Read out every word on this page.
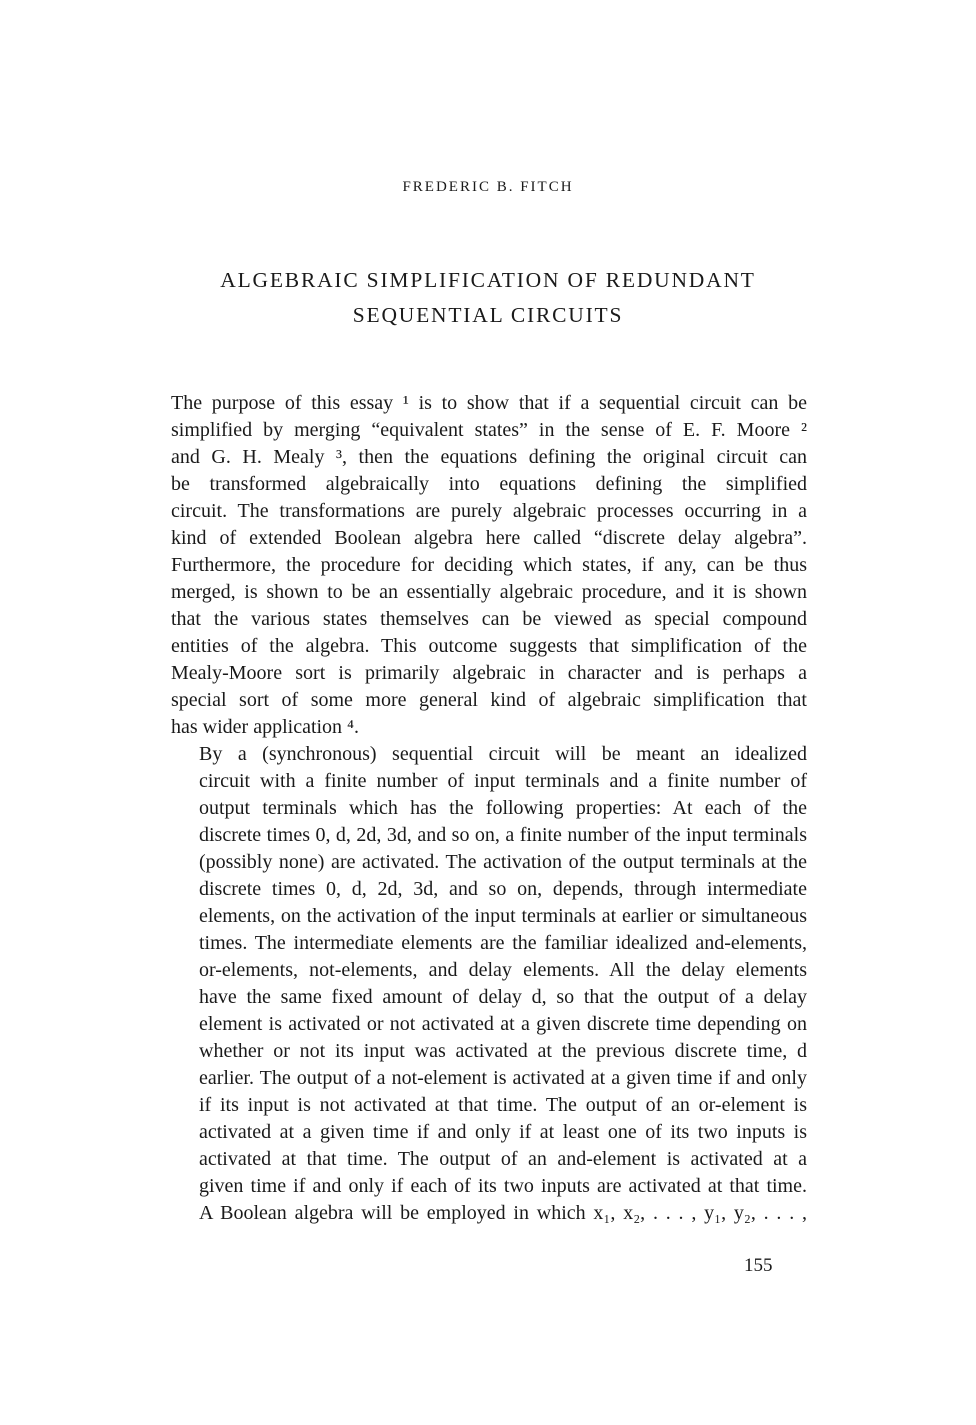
FREDERIC B. FITCH
ALGEBRAIC SIMPLIFICATION OF REDUNDANT
SEQUENTIAL CIRCUITS

The purpose of this essay ¹ is to show that if a sequential circuit can be
simplified by merging “equivalent states” in the sense of E. F. Moore ²
and G. H. Mealy ³, then the equations defining the original circuit can
be transformed algebraically into equations defining the simplified
circuit. The transformations are purely algebraic processes occurring in a
kind of extended Boolean algebra here called “discrete delay algebra”.
Furthermore, the procedure for deciding which states, if any, can be thus
merged, is shown to be an essentially algebraic procedure, and it is shown
that the various states themselves can be viewed as special compound
entities of the algebra. This outcome suggests that simplification of the
Mealy-Moore sort is primarily algebraic in character and is perhaps a
special sort of some more general kind of algebraic simplification that
has wider application ⁴.

By a (synchronous) sequential circuit will be meant an idealized
circuit with a finite number of input terminals and a finite number of
output terminals which has the following properties: At each of the
discrete times 0, d, 2d, 3d, and so on, a finite number of the input terminals
(possibly none) are activated. The activation of the output terminals at the
discrete times 0, d, 2d, 3d, and so on, depends, through intermediate
elements, on the activation of the input terminals at earlier or simultaneous
times. The intermediate elements are the familiar idealized and-elements,
or-elements, not-elements, and delay elements. All the delay elements
have the same fixed amount of delay d, so that the output of a delay
element is activated or not activated at a given discrete time depending on
whether or not its input was activated at the previous discrete time, d
earlier. The output of a not-element is activated at a given time if and only
if its input is not activated at that time. The output of an or-element is
activated at a given time if and only if at least one of its two inputs is
activated at that time. The output of an and-element is activated at a
given time if and only if each of its two inputs are activated at that time.

A Boolean algebra will be employed in which x₁, x₂, . . . , y₁, y₂, . . . ,

155
